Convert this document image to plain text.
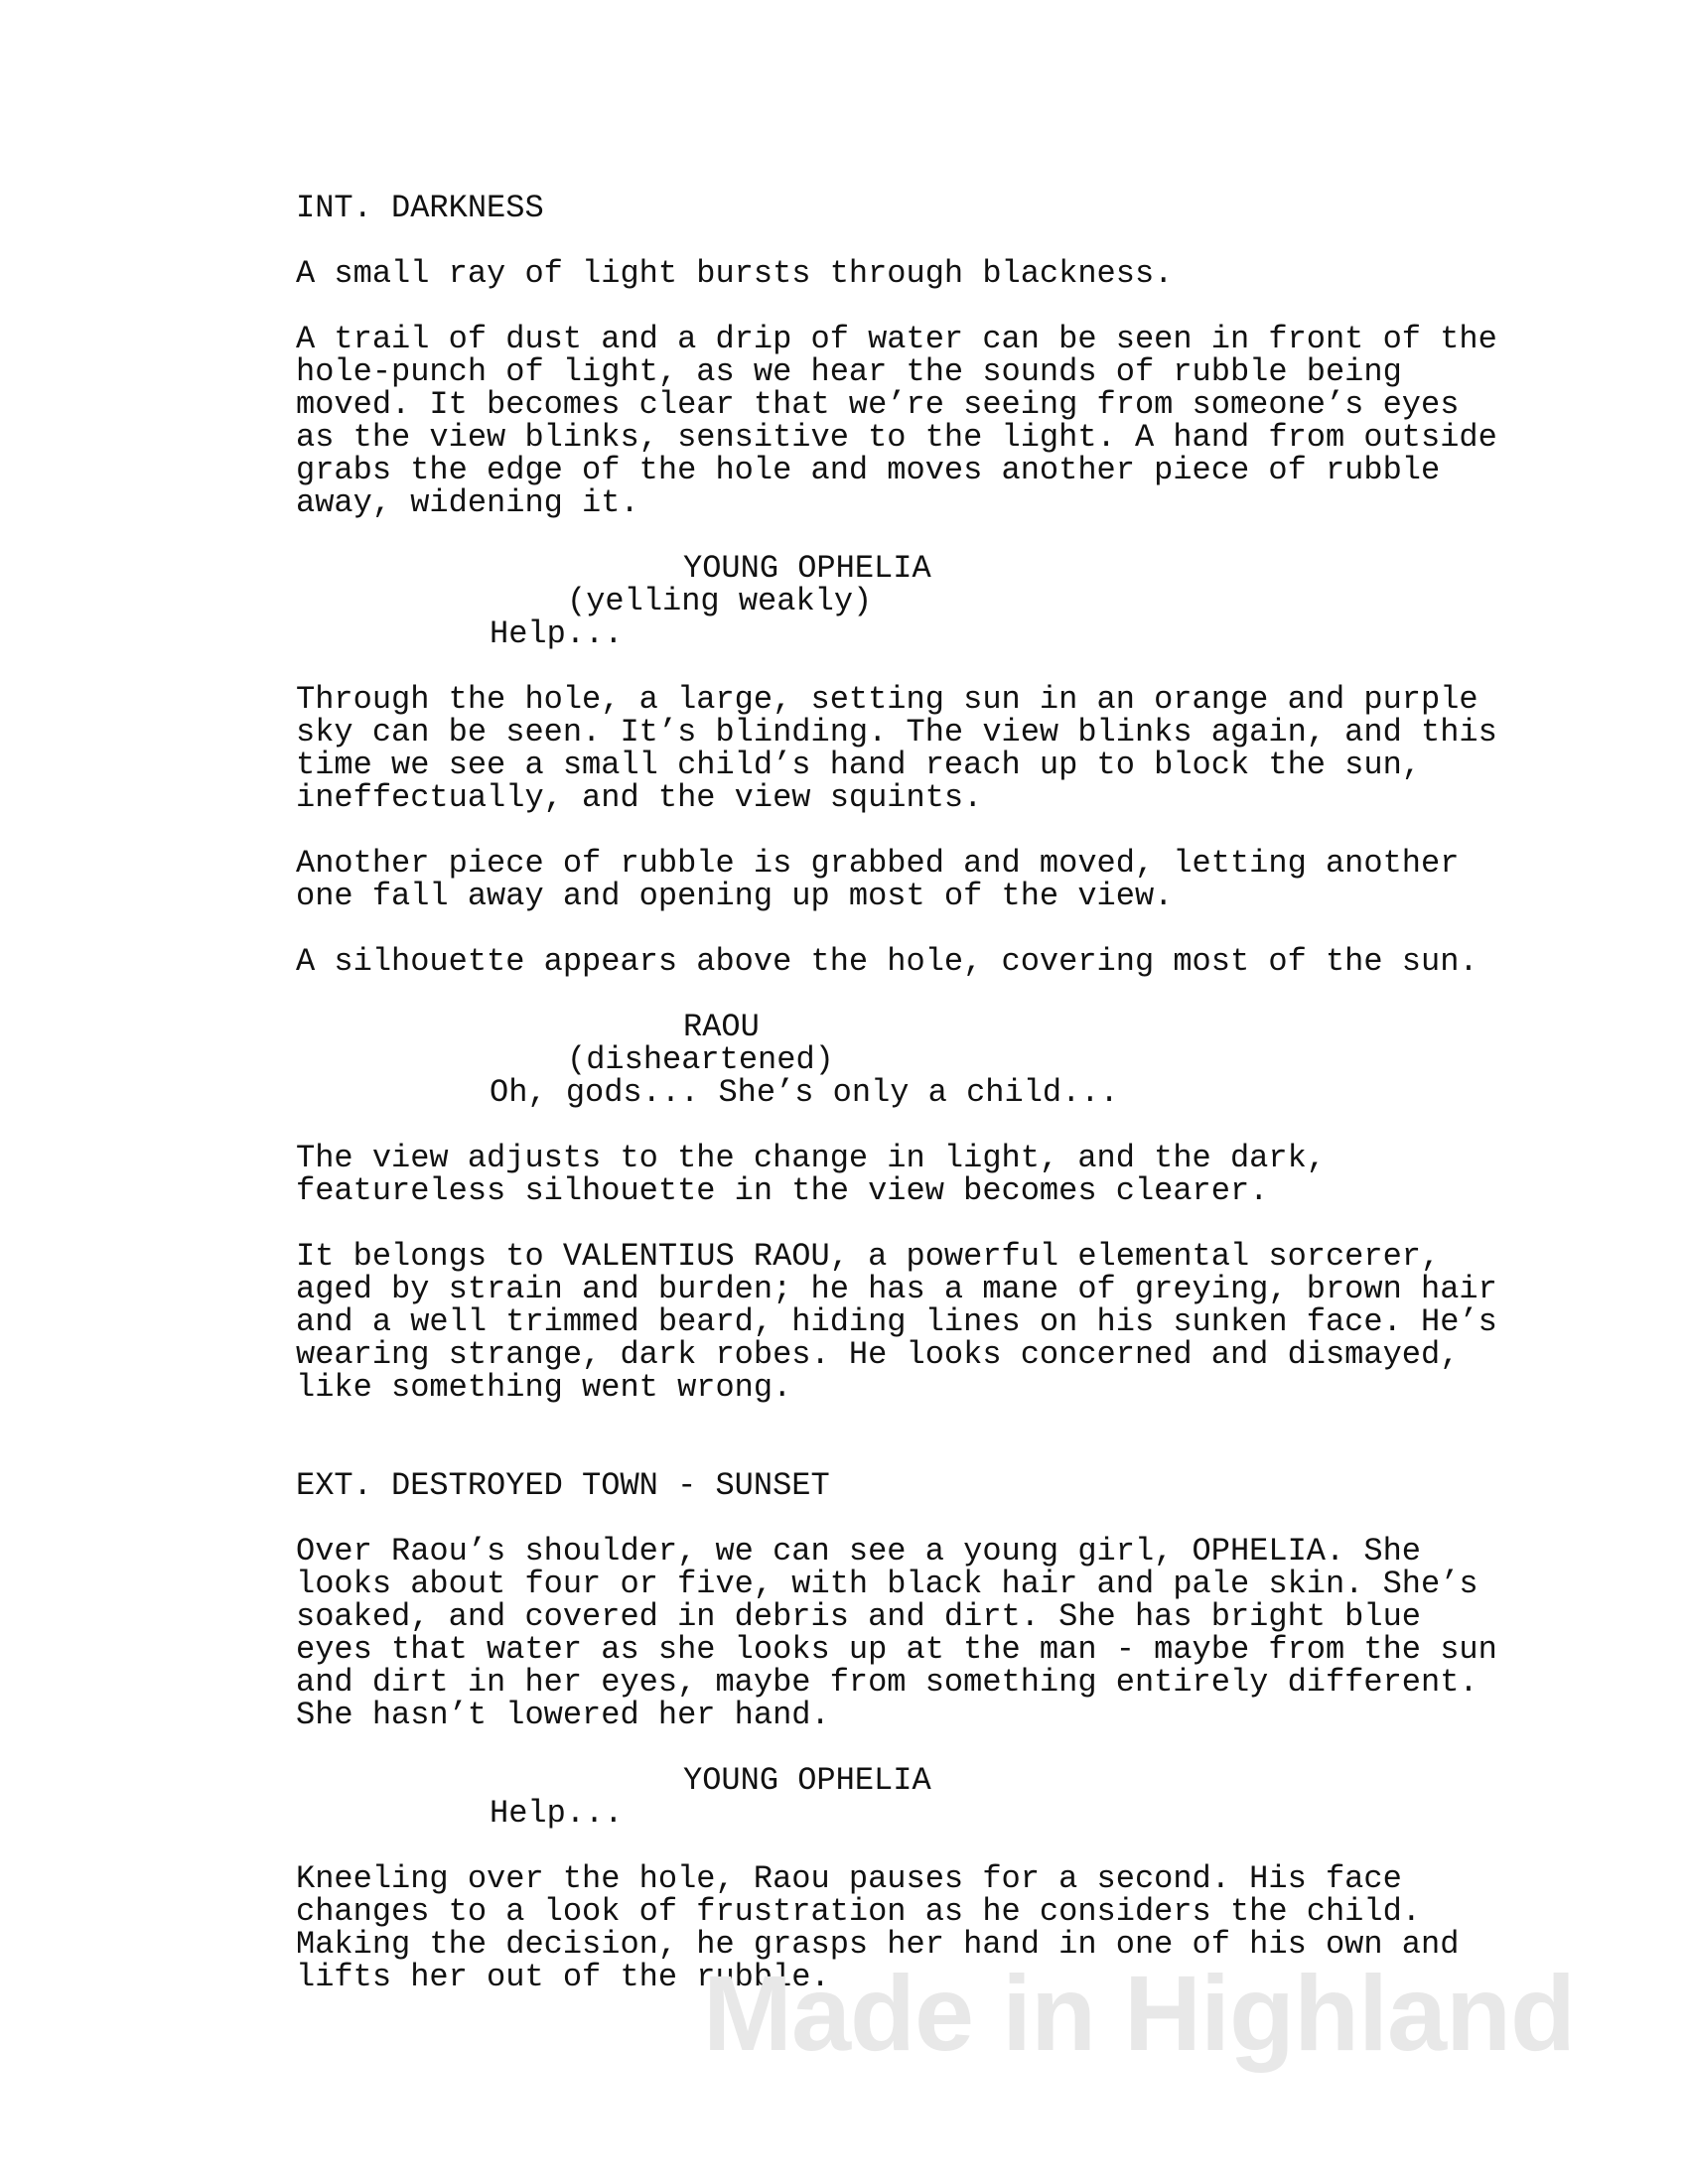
INT. DARKNESS
A small ray of light bursts through blackness.
A trail of dust and a drip of water can be seen in front of the
hole-punch of light, as we hear the sounds of rubble being
moved. It becomes clear that we’re seeing from someone’s eyes
as the view blinks, sensitive to the light. A hand from outside
grabs the edge of the hole and moves another piece of rubble
away, widening it.
YOUNG OPHELIA
(yelling weakly)
Help...
Through the hole, a large, setting sun in an orange and purple
sky can be seen. It’s blinding. The view blinks again, and this
time we see a small child’s hand reach up to block the sun,
ineffectually, and the view squints.
Another piece of rubble is grabbed and moved, letting another
one fall away and opening up most of the view.
A silhouette appears above the hole, covering most of the sun.
RAOU
(disheartened)
Oh, gods... She’s only a child...
The view adjusts to the change in light, and the dark,
featureless silhouette in the view becomes clearer.
It belongs to VALENTIUS RAOU, a powerful elemental sorcerer,
aged by strain and burden; he has a mane of greying, brown hair
and a well trimmed beard, hiding lines on his sunken face. He’s
wearing strange, dark robes. He looks concerned and dismayed,
like something went wrong.
EXT. DESTROYED TOWN - SUNSET
Over Raou’s shoulder, we can see a young girl, OPHELIA. She
looks about four or five, with black hair and pale skin. She’s
soaked, and covered in debris and dirt. She has bright blue
eyes that water as she looks up at the man - maybe from the sun
and dirt in her eyes, maybe from something entirely different.
She hasn’t lowered her hand.
YOUNG OPHELIA
Help...
Kneeling over the hole, Raou pauses for a second. His face
changes to a look of frustration as he considers the child.
Making the decision, he grasps her hand in one of his own and
lifts her out of the rubble.
Made in Highland
